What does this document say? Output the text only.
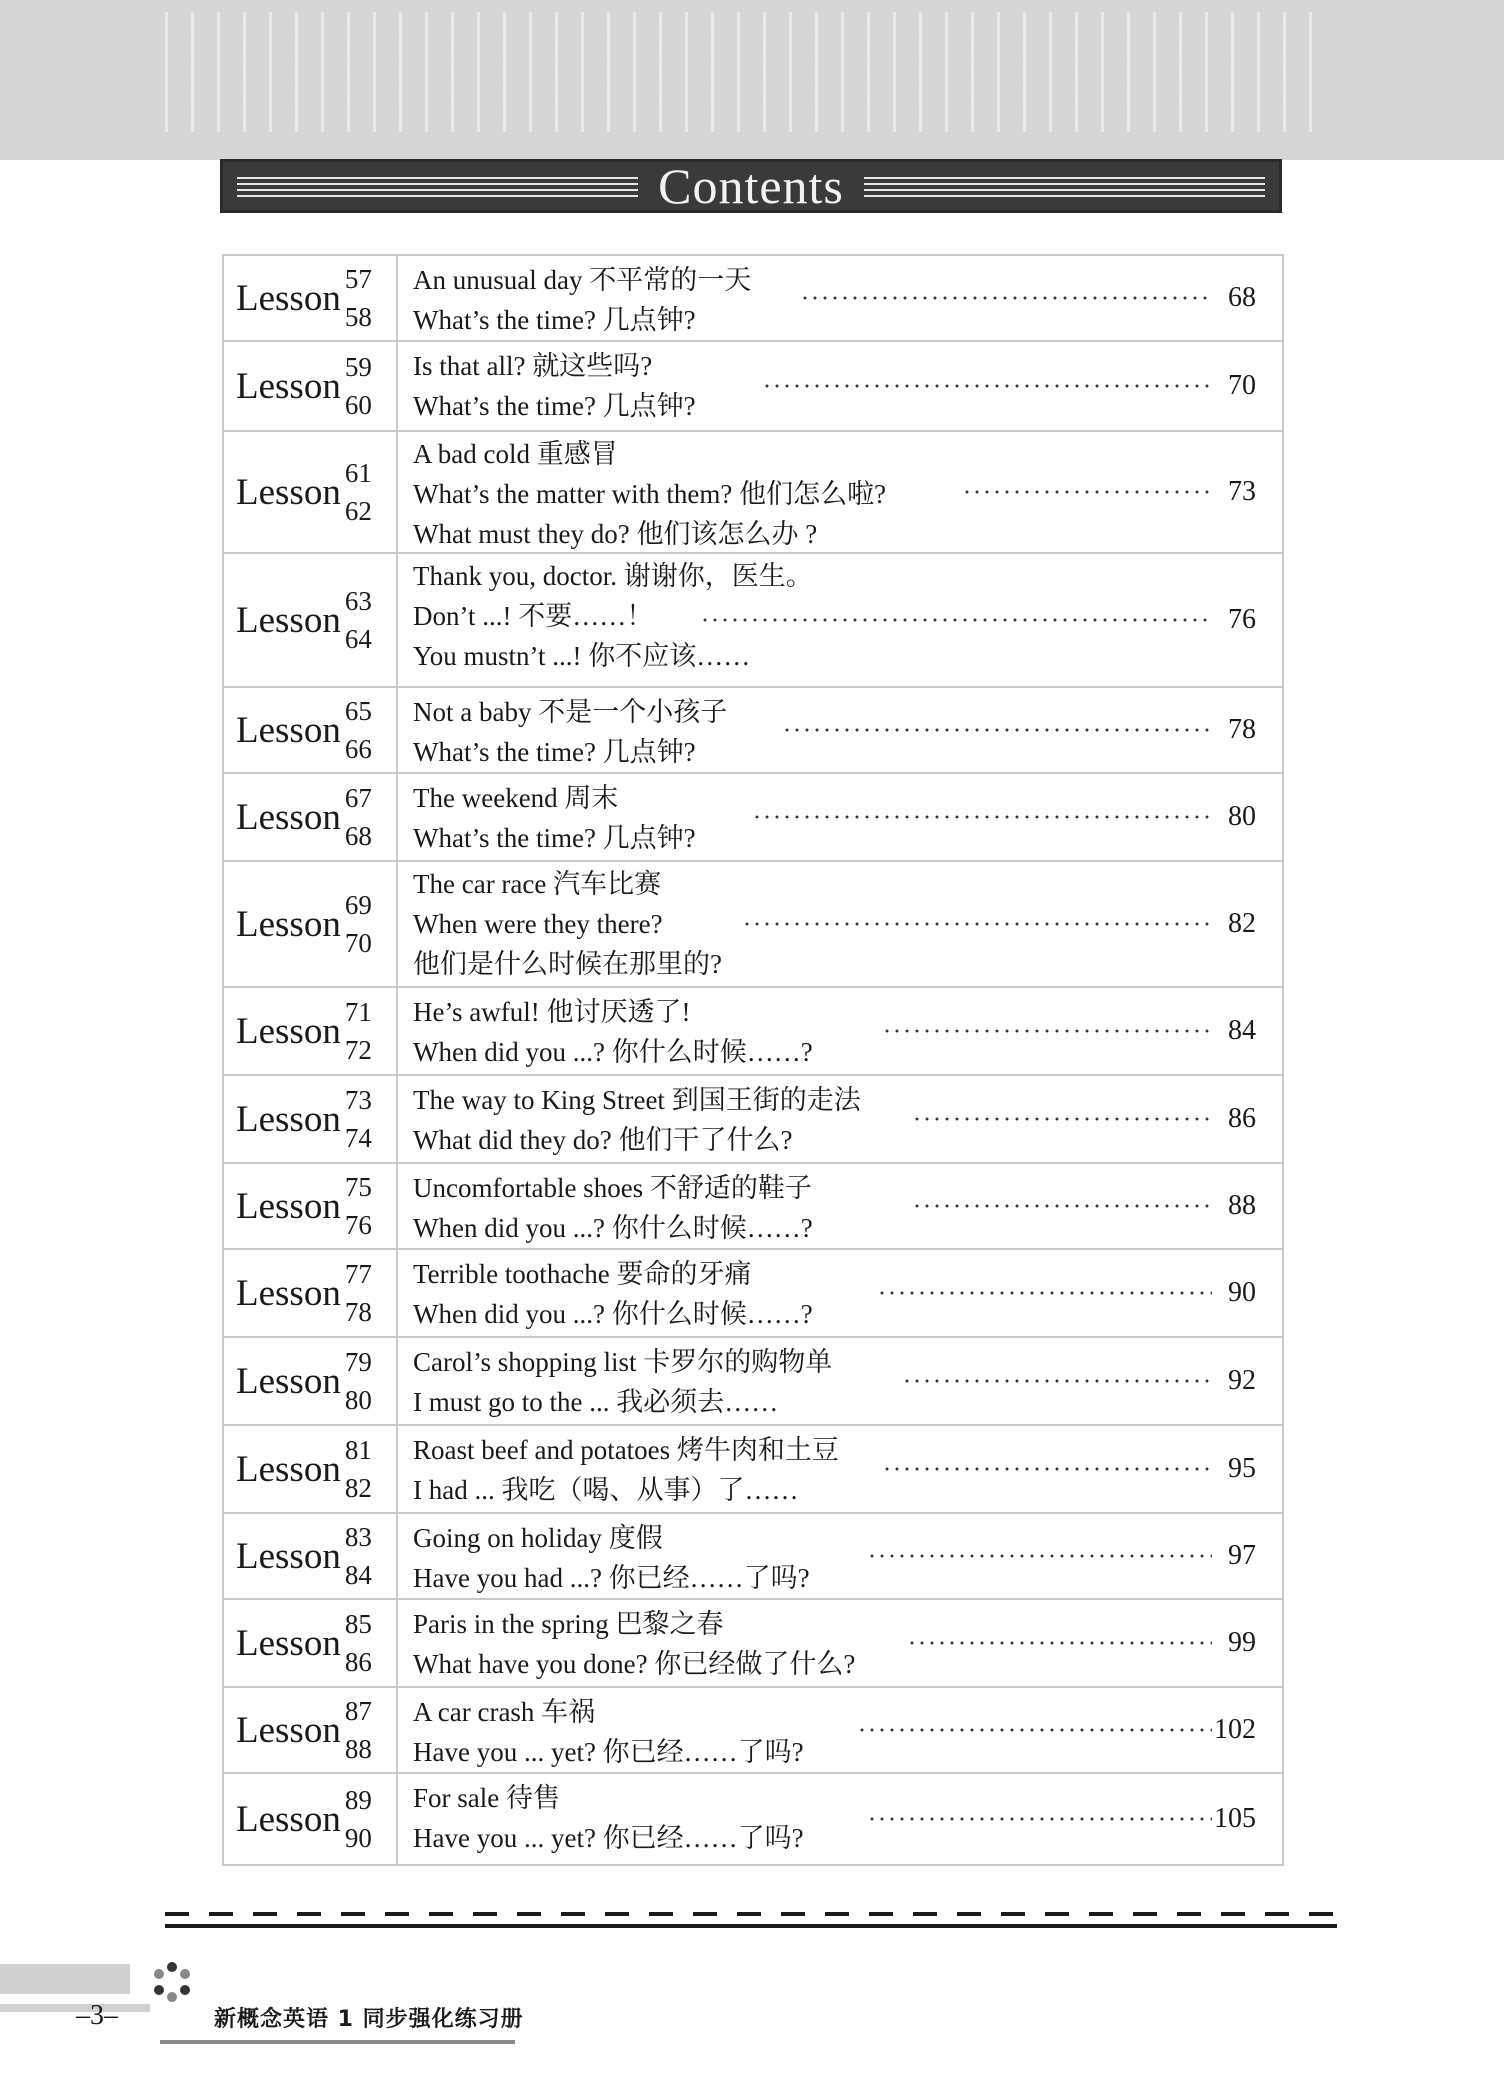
Contents
Lesson 57
58
An unusual day 不平常的一天
What’s the time? 几点钟?
68
Lesson 59
60
Is that all? 就这些吗?
What’s the time? 几点钟?
70
Lesson 61
62
A bad cold 重感冒
What’s the matter with them? 他们怎么啦?
What must they do? 他们该怎么办 ?
73
Lesson 63
64
Thank you, doctor. 谢谢你，医生。
Don’t ...! 不要……！
You mustn’t ...! 你不应该……
76
Lesson 65
66
Not a baby 不是一个小孩子
What’s the time? 几点钟?
78
Lesson 67
68
The weekend 周末
What’s the time? 几点钟?
80
Lesson 69
70
The car race 汽车比赛
When were they there?
他们是什么时候在那里的?
82
Lesson 71
72
He’s awful! 他讨厌透了!
When did you ...? 你什么时候……?
84
Lesson 73
74
The way to King Street 到国王街的走法
What did they do? 他们干了什么?
86
Lesson 75
76
Uncomfortable shoes 不舒适的鞋子
When did you ...? 你什么时候……?
88
Lesson 77
78
Terrible toothache 要命的牙痛
When did you ...? 你什么时候……?
90
Lesson 79
80
Carol’s shopping list 卡罗尔的购物单
I must go to the ... 我必须去……
92
Lesson 81
82
Roast beef and potatoes 烤牛肉和土豆
I had ... 我吃（喝、从事）了……
95
Lesson 83
84
Going on holiday 度假
Have you had ...? 你已经……了吗?
97
Lesson 85
86
Paris in the spring 巴黎之春
What have you done? 你已经做了什么?
99
Lesson 87
88
A car crash 车祸
Have you ... yet? 你已经……了吗?
102
Lesson 89
90
For sale 待售
Have you ... yet? 你已经……了吗?
105
新概念英语 1 同步强化练习册
–3–
